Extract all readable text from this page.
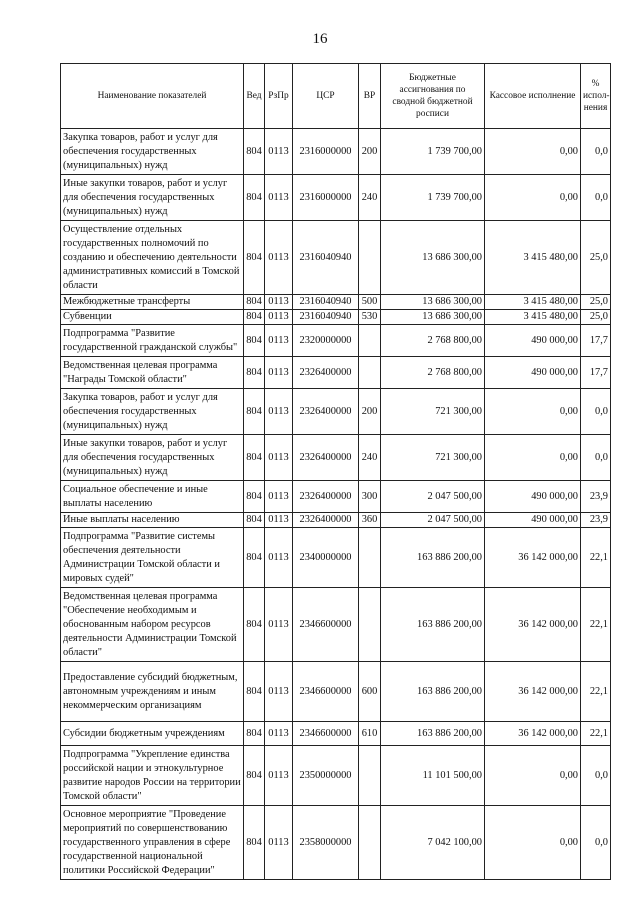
16
Наименование показателей	Вед	РзПр	ЦСР	ВР	Бюджетные ассигнования по сводной бюджетной росписи	Кассовое исполнение	% испол-нения
Закупка товаров, работ и услуг для обеспечения государственных (муниципальных) нужд	804	0113	2316000000	200	1 739 700,00	0,00	0,0
Иные закупки товаров, работ и услуг для обеспечения государственных (муниципальных) нужд	804	0113	2316000000	240	1 739 700,00	0,00	0,0
Осуществление отдельных государственных полномочий по созданию и обеспечению деятельности административных комиссий в Томской области	804	0113	2316040940		13 686 300,00	3 415 480,00	25,0
Межбюджетные трансферты	804	0113	2316040940	500	13 686 300,00	3 415 480,00	25,0
Субвенции	804	0113	2316040940	530	13 686 300,00	3 415 480,00	25,0
Подпрограмма "Развитие государственной гражданской службы"	804	0113	2320000000		2 768 800,00	490 000,00	17,7
Ведомственная целевая программа "Награды Томской области"	804	0113	2326400000		2 768 800,00	490 000,00	17,7
Закупка товаров, работ и услуг для обеспечения государственных (муниципальных) нужд	804	0113	2326400000	200	721 300,00	0,00	0,0
Иные закупки товаров, работ и услуг для обеспечения государственных (муниципальных) нужд	804	0113	2326400000	240	721 300,00	0,00	0,0
Социальное обеспечение и иные выплаты населению	804	0113	2326400000	300	2 047 500,00	490 000,00	23,9
Иные выплаты населению	804	0113	2326400000	360	2 047 500,00	490 000,00	23,9
Подпрограмма "Развитие системы обеспечения деятельности Администрации Томской области и мировых судей"	804	0113	2340000000		163 886 200,00	36 142 000,00	22,1
Ведомственная целевая программа "Обеспечение необходимым и обоснованным набором ресурсов деятельности Администрации Томской области"	804	0113	2346600000		163 886 200,00	36 142 000,00	22,1
Предоставление субсидий бюджетным, автономным учреждениям и иным некоммерческим организациям	804	0113	2346600000	600	163 886 200,00	36 142 000,00	22,1
Субсидии бюджетным учреждениям	804	0113	2346600000	610	163 886 200,00	36 142 000,00	22,1
Подпрограмма "Укрепление единства российской нации и этнокультурное развитие народов России на территории Томской области"	804	0113	2350000000		11 101 500,00	0,00	0,0
Основное мероприятие "Проведение мероприятий по совершенствованию государственного управления в сфере государственной национальной политики Российской Федерации"	804	0113	2358000000		7 042 100,00	0,00	0,0
